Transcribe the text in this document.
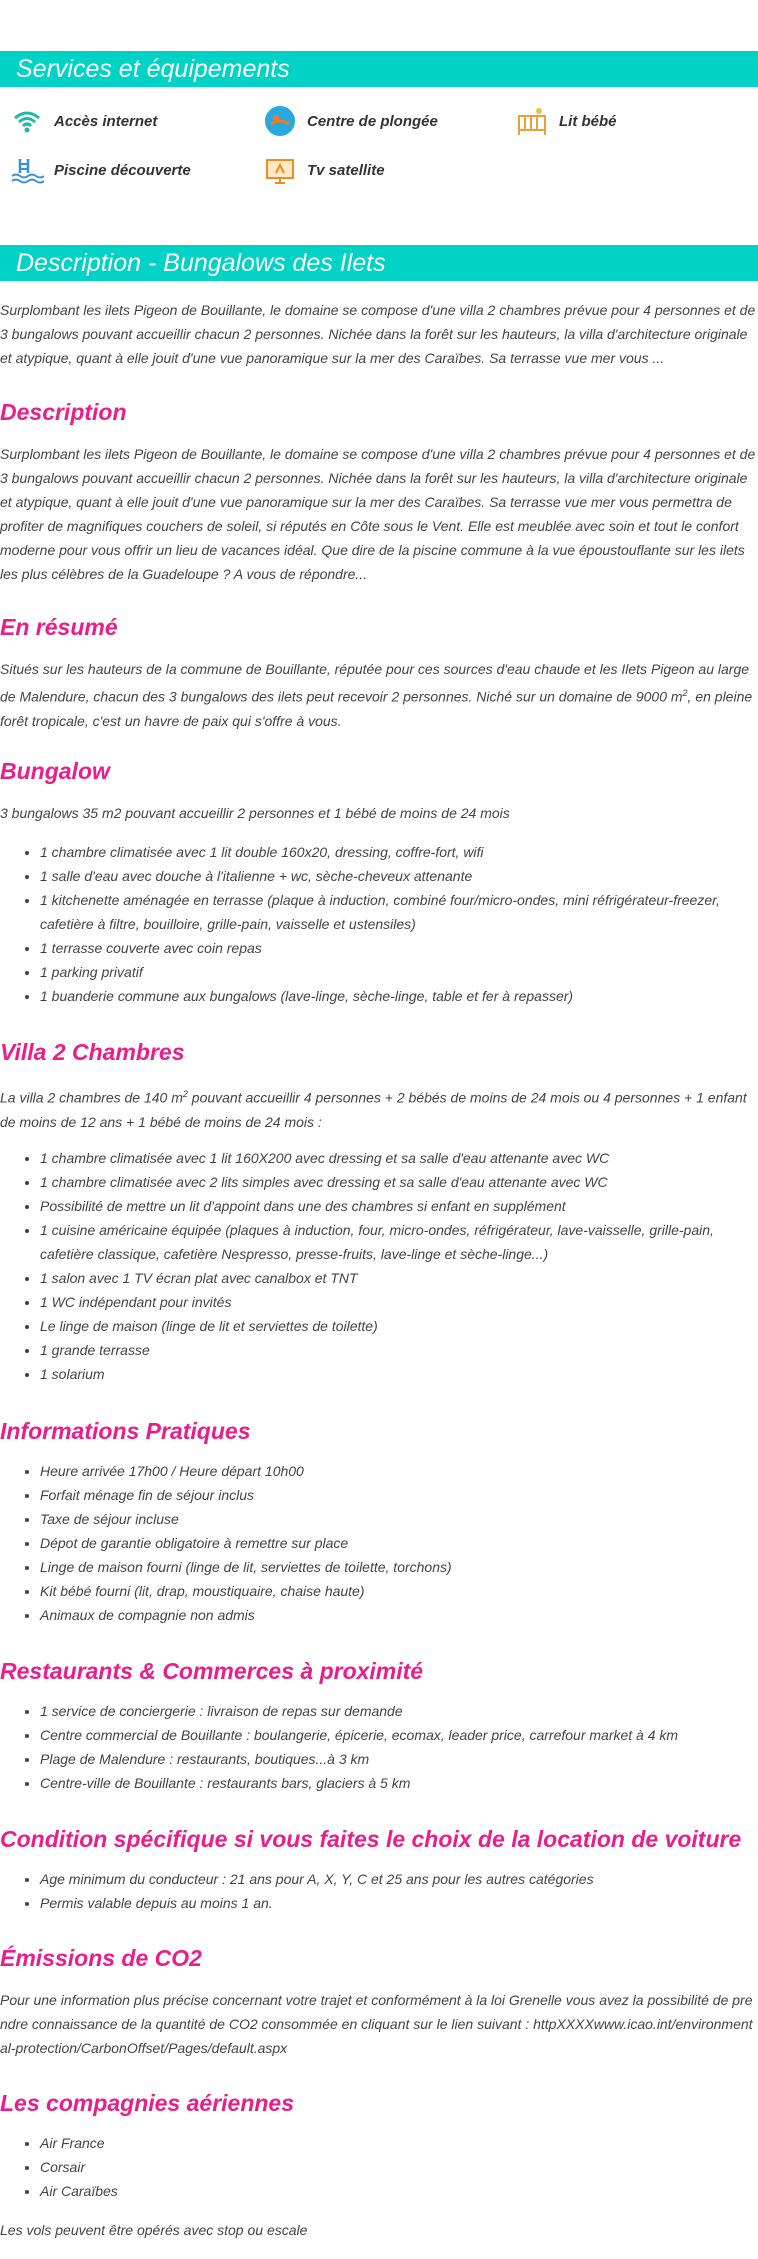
Services et équipements
Accès internet	Centre de plongée	Lit bébé
Piscine découverte	Tv satellite
Description - Bungalows des Ilets

Surplombant les ilets Pigeon de Bouillante, le domaine se compose d'une villa 2 chambres prévue pour 4 personnes et de 3 bungalows pouvant accueillir chacun 2 personnes. Nichée dans la forêt sur les hauteurs, la villa d'architecture originale et atypique, quant à elle jouit d'une vue panoramique sur la mer des Caraïbes. Sa terrasse vue mer vous ...

Description

Surplombant les ilets Pigeon de Bouillante, le domaine se compose d'une villa 2 chambres prévue pour 4 personnes et de 3 bungalows pouvant accueillir chacun 2 personnes. Nichée dans la forêt sur les hauteurs, la villa d'architecture originale et atypique, quant à elle jouit d'une vue panoramique sur la mer des Caraïbes. Sa terrasse vue mer vous permettra de profiter de magnifiques couchers de soleil, si réputés en Côte sous le Vent. Elle est meublée avec soin et tout le confort moderne pour vous offrir un lieu de vacances idéal. Que dire de la piscine commune à la vue époustouflante sur les ilets les plus célèbres de la Guadeloupe ? A vous de répondre...

En résumé

Situés sur les hauteurs de la commune de Bouillante, réputée pour ces sources d'eau chaude et les Ilets Pigeon au large de Malendure, chacun des 3 bungalows des ilets peut recevoir 2 personnes. Niché sur un domaine de 9000 $m^2$, en pleine forêt tropicale, c'est un havre de paix qui s'offre à vous.

Bungalow

3 bungalows 35 m2 pouvant accueillir 2 personnes et 1 bébé de moins de 24 mois

• 1 chambre climatisée avec 1 lit double 160x20, dressing, coffre-fort, wifi
• 1 salle d'eau avec douche à l'italienne + wc, sèche-cheveux attenante
• 1 kitchenette aménagée en terrasse (plaque à induction, combiné four/micro-ondes, mini réfrigérateur-freezer, cafetière à filtre, bouilloire, grille-pain, vaisselle et ustensiles)
• 1 terrasse couverte avec coin repas
• 1 parking privatif
• 1 buanderie commune aux bungalows (lave-linge, sèche-linge, table et fer à repasser)
Villa 2 Chambres

La villa 2 chambres de 140 $m^2$ pouvant accueillir 4 personnes + 2 bébés de moins de 24 mois ou 4 personnes + 1 enfant de moins de 12 ans + 1 bébé de moins de 24 mois :

• 1 chambre climatisée avec 1 lit 160X200 avec dressing et sa salle d'eau attenante avec WC
• 1 chambre climatisée avec 2 lits simples avec dressing et sa salle d'eau attenante avec WC
• Possibilité de mettre un lit d'appoint dans une des chambres si enfant en supplément
• 1 cuisine américaine équipée (plaques à induction, four, micro-ondes, réfrigérateur, lave-vaisselle, grille-pain, cafetière classique, cafetière Nespresso, presse-fruits, lave-linge et sèche-linge...)
• 1 salon avec 1 TV écran plat avec canalbox et TNT
• 1 WC indépendant pour invités
• Le linge de maison (linge de lit et serviettes de toilette)
• 1 grande terrasse
• 1 solarium
Informations Pratiques
• Heure arrivée 17h00 / Heure départ 10h00
• Forfait ménage fin de séjour inclus
• Taxe de séjour incluse
• Dépot de garantie obligatoire à remettre sur place
• Linge de maison fourni (linge de lit, serviettes de toilette, torchons)
• Kit bébé fourni (lit, drap, moustiquaire, chaise haute)
• Animaux de compagnie non admis
Restaurants & Commerces à proximité
• 1 service de conciergerie : livraison de repas sur demande
• Centre commercial de Bouillante : boulangerie, épicerie, ecomax, leader price, carrefour market à 4 km
• Plage de Malendure : restaurants, boutiques...à 3 km
• Centre-ville de Bouillante : restaurants bars, glaciers à 5 km
Condition spécifique si vous faites le choix de la location de voiture
• Age minimum du conducteur : 21 ans pour A, X, Y, C et 25 ans pour les autres catégories
• Permis valable depuis au moins 1 an.
Émissions de CO2

Pour une information plus précise concernant votre trajet et conformément à la loi Grenelle vous avez la possibilité de prendre connaissance de la quantité de CO2 consommée en cliquant sur le lien suivant : httpXXXXwww.icao.int/environmental-protection/CarbonOffset/Pages/default.aspx

Les compagnies aériennes
• Air France
• Corsair
• Air Caraïbes

Les vols peuvent être opérés avec stop ou escale
